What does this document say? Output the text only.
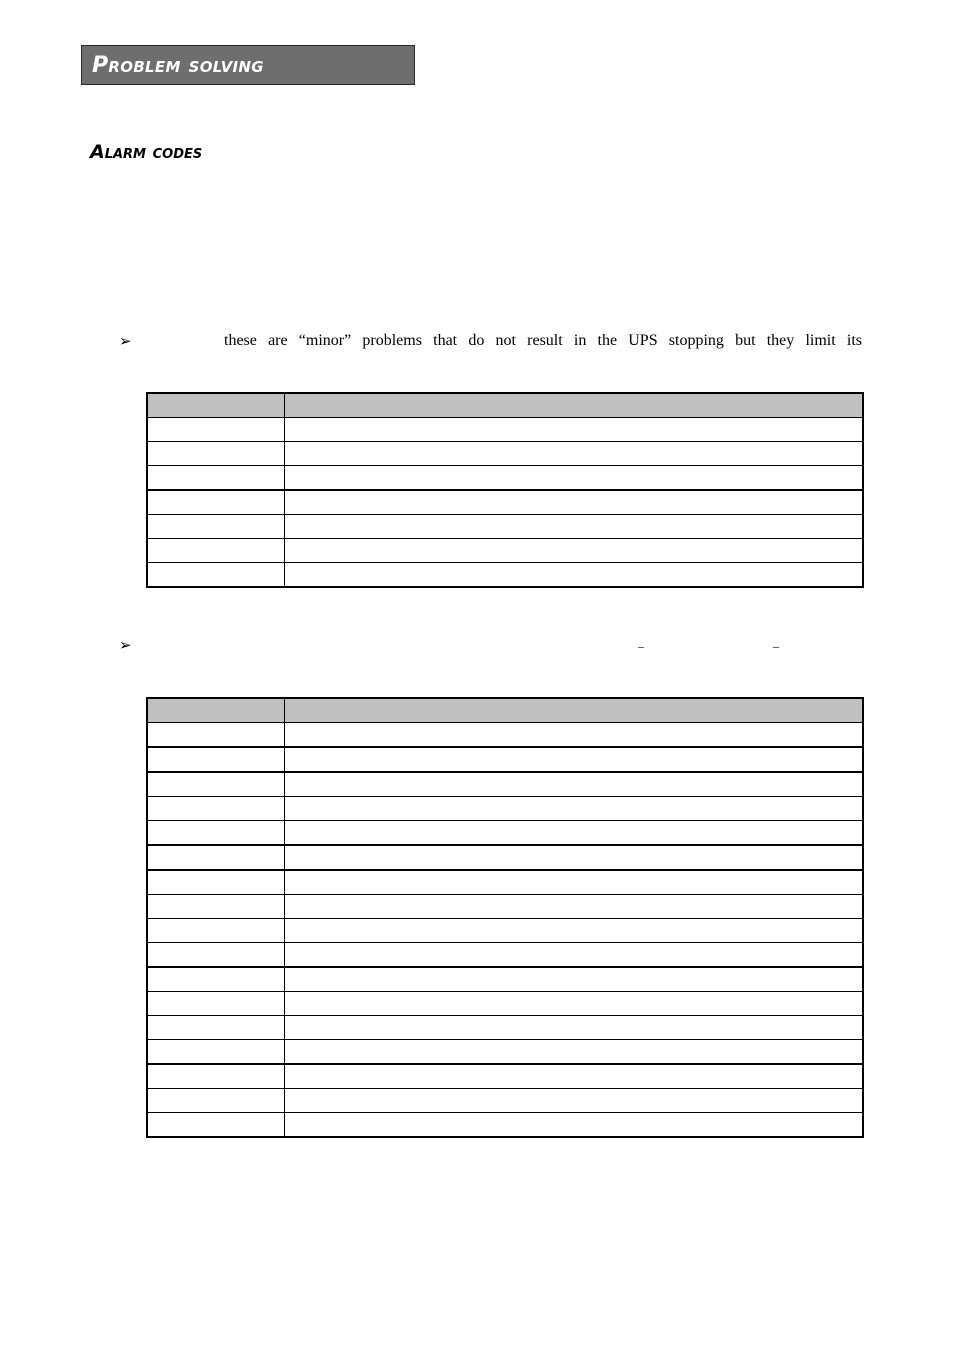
Problem solving
Alarm codes
➢	these are “minor” problems that do not result in the UPS stopping but they limit its

➢	–	–
